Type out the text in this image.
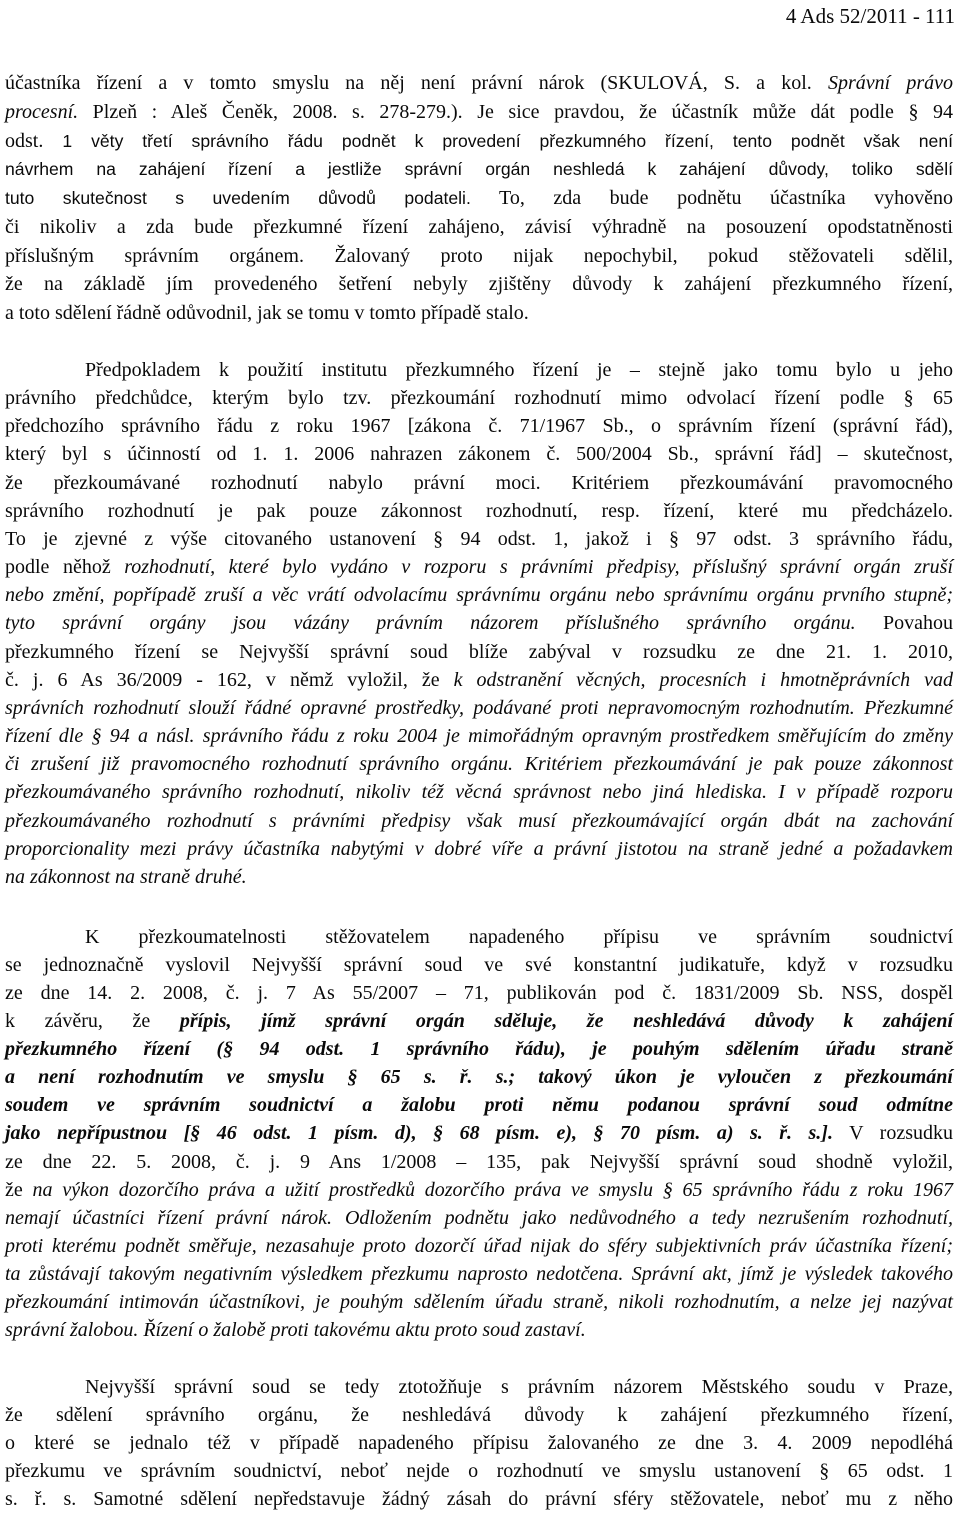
4 Ads 52/2011 - 111
účastníka řízení a v tomto smyslu na něj není právní nárok (SKULOVÁ, S. a kol. Správní právo
procesní. Plzeň : Aleš Čeněk, 2008. s. 278-279.). Je sice pravdou, že účastník může dát podle § 94
odst. 1 věty třetí správního řádu podnět k provedení přezkumného řízení, tento podnět však není
návrhem na zahájení řízení a jestliže správní orgán neshledá k zahájení důvody, toliko sdělí
tuto skutečnost s uvedením důvodů podateli. To, zda bude podnětu účastníka vyhověno
či nikoliv a zda bude přezkumné řízení zahájeno, závisí výhradně na posouzení opodstatněnosti
příslušným správním orgánem. Žalovaný proto nijak nepochybil, pokud stěžovateli sdělil,
že na základě jím provedeného šetření nebyly zjištěny důvody k zahájení přezkumného řízení,
a toto sdělení řádně odůvodnil, jak se tomu v tomto případě stalo.
Předpokladem k použití institutu přezkumného řízení je – stejně jako tomu bylo u jeho
právního předchůdce, kterým bylo tzv. přezkoumání rozhodnutí mimo odvolací řízení podle § 65
předchozího správního řádu z roku 1967 [zákona č. 71/1967 Sb., o správním řízení (správní řád),
který byl s účinností od 1. 1. 2006 nahrazen zákonem č. 500/2004 Sb., správní řád] – skutečnost,
že přezkoumávané rozhodnutí nabylo právní moci. Kritériem přezkoumávání pravomocného
správního rozhodnutí je pak pouze zákonnost rozhodnutí, resp. řízení, které mu předcházelo.
To je zjevné z výše citovaného ustanovení § 94 odst. 1, jakož i § 97 odst. 3 správního řádu,
podle něhož rozhodnutí, které bylo vydáno v rozporu s právními předpisy, příslušný správní orgán zruší
nebo změní, popřípadě zruší a věc vrátí odvolacímu správnímu orgánu nebo správnímu orgánu prvního stupně;
tyto správní orgány jsou vázány právním názorem příslušného správního orgánu. Povahou
přezkumného řízení se Nejvyšší správní soud blíže zabýval v rozsudku ze dne 21. 1. 2010,
č. j. 6 As 36/2009 - 162, v němž vyložil, že k odstranění věcných, procesních i hmotněprávních vad
správních rozhodnutí slouží řádné opravné prostředky, podávané proti nepravomocným rozhodnutím. Přezkumné
řízení dle § 94 a násl. správního řádu z roku 2004 je mimořádným opravným prostředkem směřujícím do změny
či zrušení již pravomocného rozhodnutí správního orgánu. Kritériem přezkoumávání je pak pouze zákonnost
přezkoumávaného správního rozhodnutí, nikoliv též věcná správnost nebo jiná hlediska. I v případě rozporu
přezkoumávaného rozhodnutí s právními předpisy však musí přezkoumávající orgán dbát na zachování
proporcionality mezi právy účastníka nabytými v dobré víře a právní jistotou na straně jedné a požadavkem
na zákonnost na straně druhé.
K přezkoumatelnosti stěžovatelem napadeného přípisu ve správním soudnictví
se jednoznačně vyslovil Nejvyšší správní soud ve své konstantní judikatuře, když v rozsudku
ze dne 14. 2. 2008, č. j. 7 As 55/2007 – 71, publikován pod č. 1831/2009 Sb. NSS, dospěl
k závěru, že přípis, jímž správní orgán sděluje, že neshledává důvody k zahájení
přezkumného řízení (§ 94 odst. 1 správního řádu), je pouhým sdělením úřadu straně
a není rozhodnutím ve smyslu § 65 s. ř. s.; takový úkon je vyloučen z přezkoumání
soudem ve správním soudnictví a žalobu proti němu podanou správní soud odmítne
jako nepřípustnou [§ 46 odst. 1 písm. d), § 68 písm. e), § 70 písm. a) s. ř. s.]. V rozsudku
ze dne 22. 5. 2008, č. j. 9 Ans 1/2008 – 135, pak Nejvyšší správní soud shodně vyložil,
že na výkon dozorčího práva a užití prostředků dozorčího práva ve smyslu § 65 správního řádu z roku 1967
nemají účastníci řízení právní nárok. Odložením podnětu jako nedůvodného a tedy nezrušením rozhodnutí,
proti kterému podnět směřuje, nezasahuje proto dozorčí úřad nijak do sféry subjektivních práv účastníka řízení;
ta zůstávají takovým negativním výsledkem přezkumu naprosto nedotčena. Správní akt, jímž je výsledek takového
přezkoumání intimován účastníkovi, je pouhým sdělením úřadu straně, nikoli rozhodnutím, a nelze jej nazývat
správní žalobou. Řízení o žalobě proti takovému aktu proto soud zastaví.
Nejvyšší správní soud se tedy ztotožňuje s právním názorem Městského soudu v Praze,
že sdělení správního orgánu, že neshledává důvody k zahájení přezkumného řízení,
o které se jednalo též v případě napadeného přípisu žalovaného ze dne 3. 4. 2009 nepodléhá
přezkumu ve správním soudnictví, neboť nejde o rozhodnutí ve smyslu ustanovení § 65 odst. 1
s. ř. s. Samotné sdělení nepředstavuje žádný zásah do právní sféry stěžovatele, neboť mu z něho
